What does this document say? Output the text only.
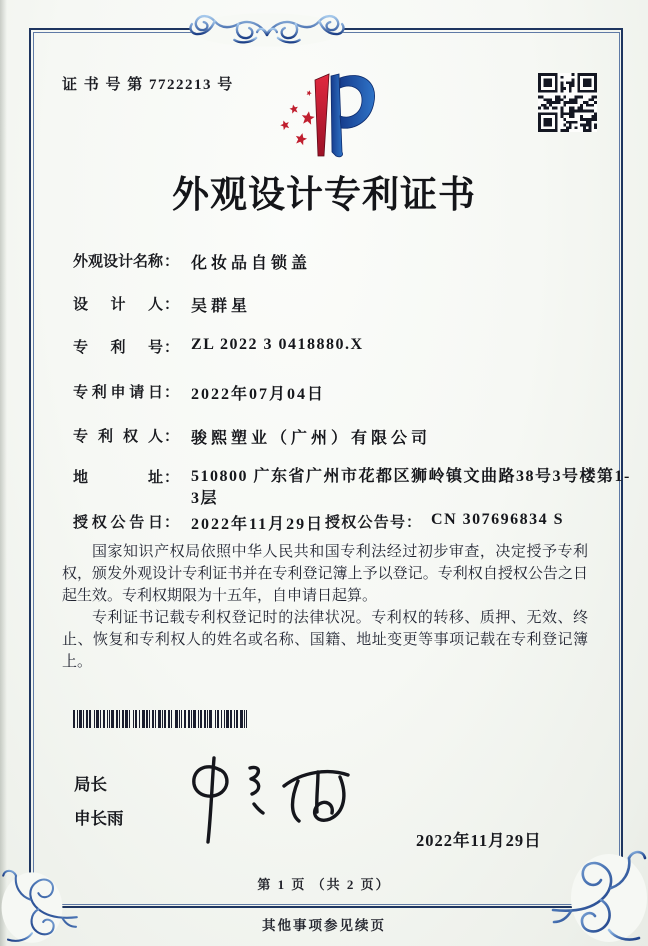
证 书 号 第 7722213 号
外观设计专利证书
外观设计名称 ： 化妆品自锁盖
设计人 ： 吴群星
专利号 ： ZL 2022 3 0418880.X
专利申请日 ： 2022年07月04日
专利权人 ： 骏熙塑业（广州）有限公司
地址 ： 510800 广东省广州市花都区狮岭镇文曲路38号3号楼第1-3层
授权公告日 ： 2022年11月29日 授权公告号 ： CN 307696834 S

国家知识产权局依照中华人民共和国专利法经过初步审查，决定授予专利权，颁发外观设计专利证书并在专利登记簿上予以登记。专利权自授权公告之日起生效。专利权期限为十五年，自申请日起算。

专利证书记载专利权登记时的法律状况。专利权的转移、质押、无效、终止、恢复和专利权人的姓名或名称、国籍、地址变更等事项记载在专利登记簿上。

局长
申长雨
2022年11月29日
第 1 页 （共 2 页）
其他事项参见续页
